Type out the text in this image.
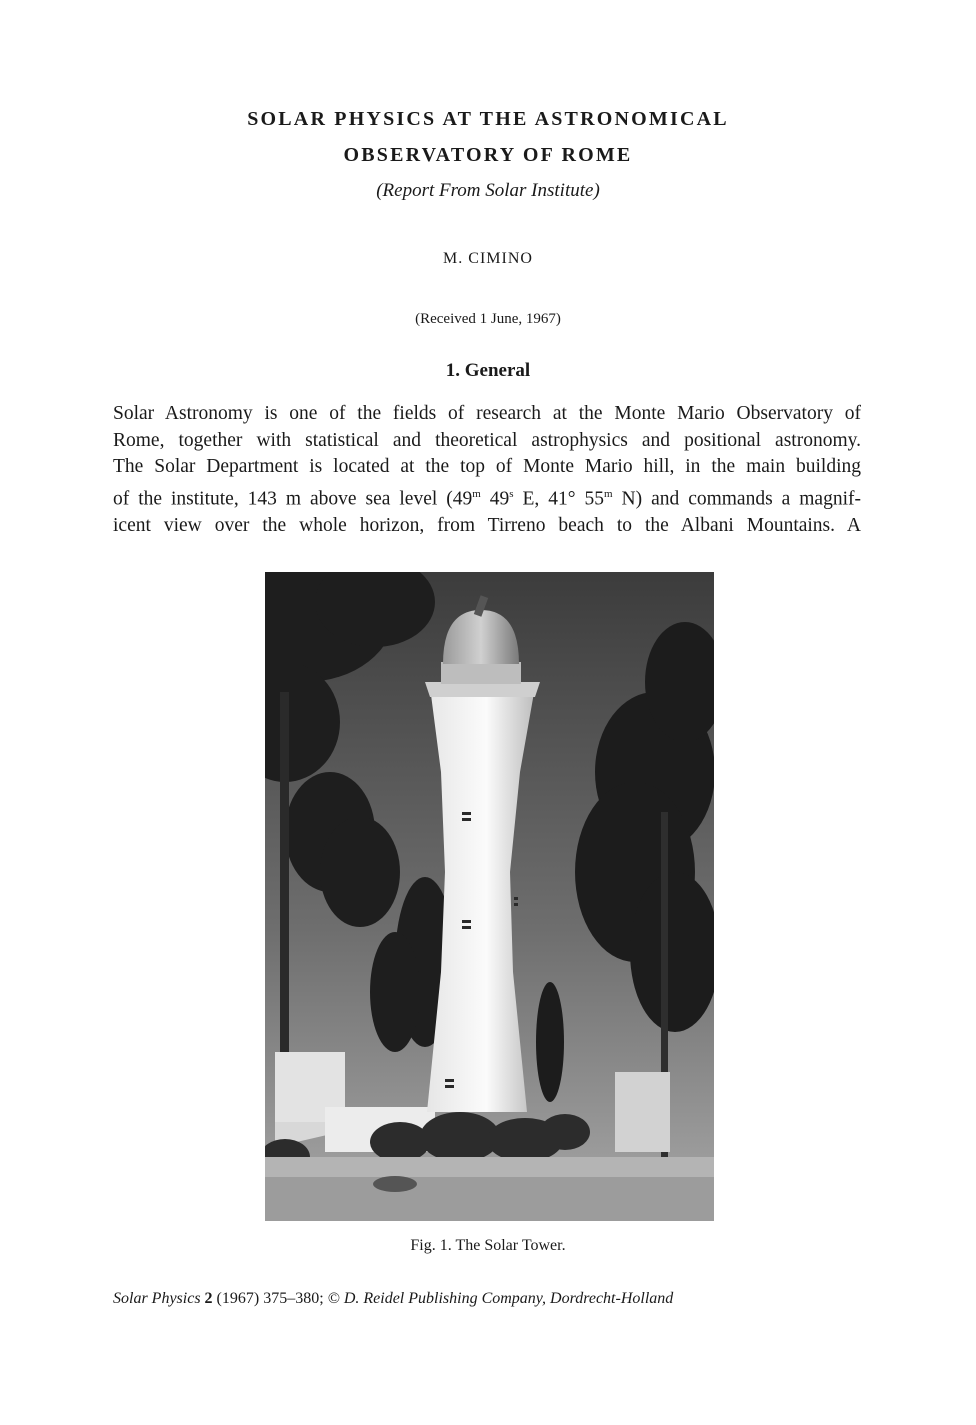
SOLAR PHYSICS AT THE ASTRONOMICAL
OBSERVATORY OF ROME
(Report From Solar Institute)
M. CIMINO
(Received 1 June, 1967)
1. General
Solar Astronomy is one of the fields of research at the Monte Mario Observatory of
Rome, together with statistical and theoretical astrophysics and positional astronomy.
The Solar Department is located at the top of Monte Mario hill, in the main building
of the institute, 143 m above sea level (49$^m$ 49$^s$ E, 41° 55$^m$ N) and commands a magnif-
icent view over the whole horizon, from Tirreno beach to the Albani Mountains. A
Fig. 1. The Solar Tower.
Solar Physics 2 (1967) 375–380; © D. Reidel Publishing Company, Dordrecht-Holland
